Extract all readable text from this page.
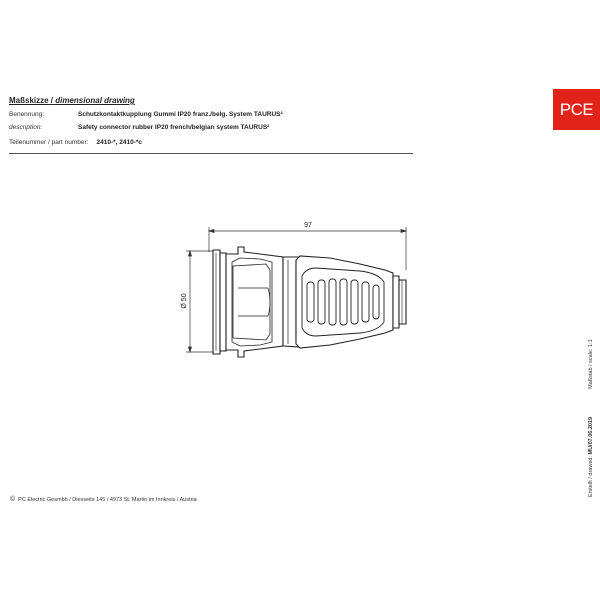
Maßskizze / dimensional drawing
Benennung:	Schutzkontaktkupplung Gummi IP20 franz./belg. System TAURUS²
description:	Safety connector rubber IP20 french/belgian system TAURUS²
Teilenummer / part number: 2410-*, 2410-*c
PCE
97
Ø 50
© PC Electric Gesmbh / Diesseits 145 / 4973 St. Martin im Innkreis / Austria
Erstellt / drawed: MU/07.06.2019Maßstab / scale: 1:1
